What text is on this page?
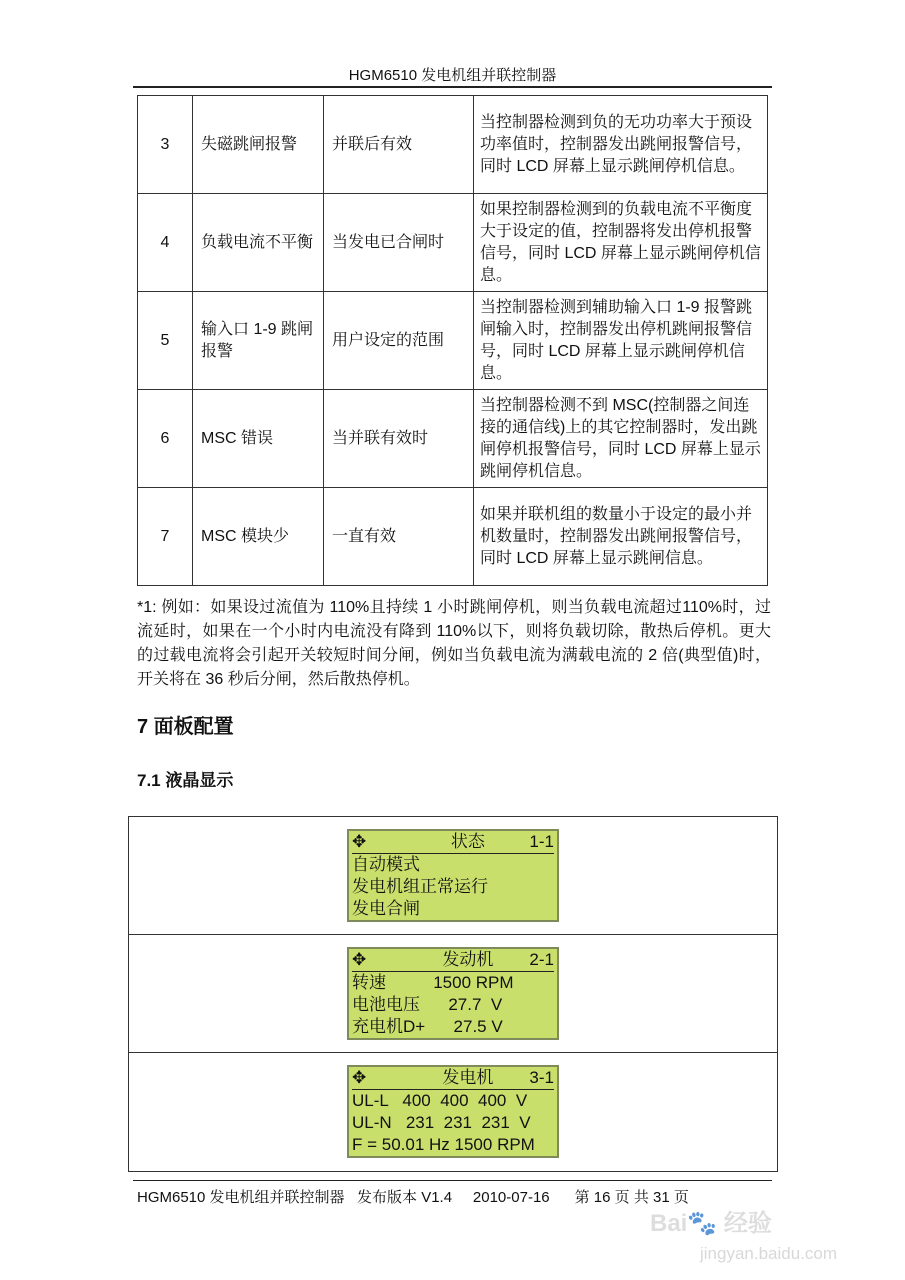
HGM6510 发电机组并联控制器
3	失磁跳闸报警	并联后有效	当控制器检测到负的无功功率大于预设功率值时，控制器发出跳闸报警信号，同时 LCD 屏幕上显示跳闸停机信息。
4	负载电流不平衡	当发电已合闸时	如果控制器检测到的负载电流不平衡度大于设定的值，控制器将发出停机报警信号，同时 LCD 屏幕上显示跳闸停机信息。
5	输入口 1-9 跳闸报警	用户设定的范围	当控制器检测到辅助输入口 1-9 报警跳闸输入时，控制器发出停机跳闸报警信号，同时 LCD 屏幕上显示跳闸停机信息。
6	MSC 错误	当并联有效时	当控制器检测不到 MSC(控制器之间连接的通信线)上的其它控制器时，发出跳闸停机报警信号，同时 LCD 屏幕上显示跳闸停机信息。
7	MSC 模块少	一直有效	如果并联机组的数量小于设定的最小并机数量时，控制器发出跳闸报警信号，同时 LCD 屏幕上显示跳闸信息。
*1: 例如：如果设过流值为 110%且持续 1 小时跳闸停机，则当负载电流超过110%时，过流延时，如果在一个小时内电流没有降到 110%以下，则将负载切除，散热后停机。更大的过载电流将会引起开关较短时间分闸，例如当负载电流为满载电流的 2 倍(典型值)时，开关将在 36 秒后分闸，然后散热停机。
7 面板配置
7.1 液晶显示
✥	状态	1-1
自动模式
发电机组正常运行
发电合闸
✥	发动机 2-1
转速          1500 RPM
电池电压      27.7  V
充电机D+      27.5 V
✥	发电机 3-1
UL-L   400  400  400  V
UL-N   231  231  231  V
F = 50.01 Hz 1500 RPM
HGM6510 发电机组并联控制器   发布版本 V1.4     2010-07-16      第 16 页 共 31 页
Bai🐾 经验
jingyan.baidu.com
